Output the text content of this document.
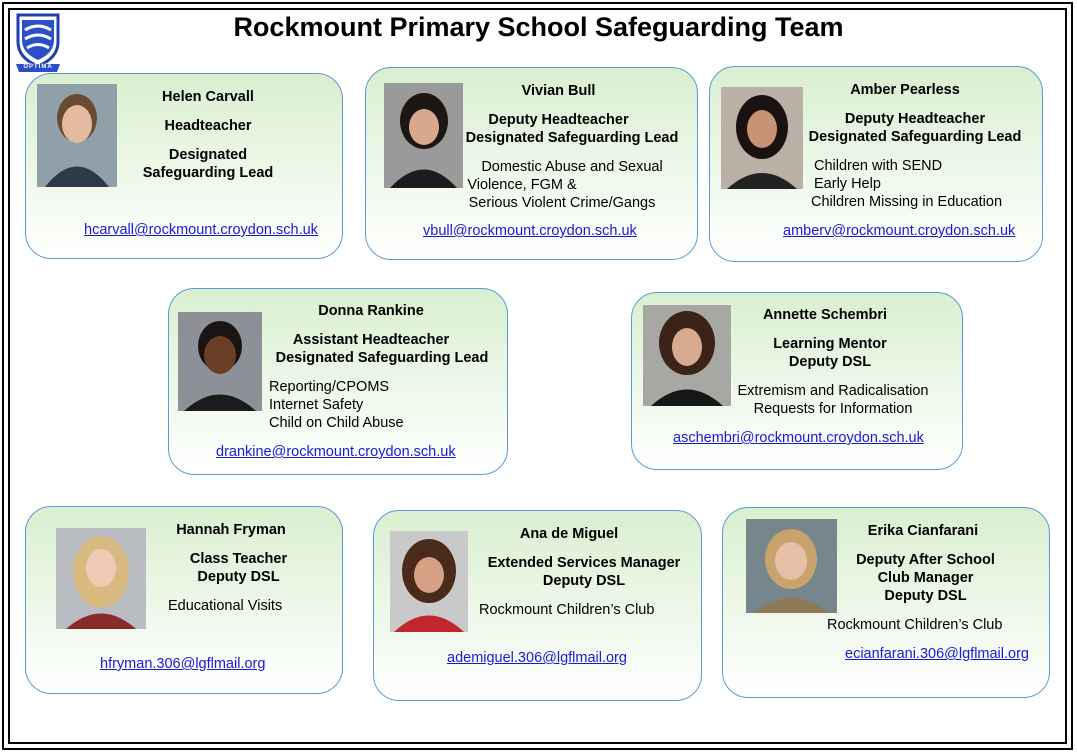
OPTIMA
Rockmount Primary School Safeguarding Team
Helen Carvall
Headteacher
Designated
Safeguarding Lead
hcarvall@rockmount.croydon.sch.uk
Vivian Bull
Deputy Headteacher
Designated Safeguarding Lead
Domestic Abuse and Sexual
Violence, FGM &
Serious Violent Crime/Gangs
vbull@rockmount.croydon.sch.uk
Amber Pearless
Deputy Headteacher
Designated Safeguarding Lead
Children with SEND
Early Help
Children Missing in Education
amberv@rockmount.croydon.sch.uk
Donna Rankine
Assistant Headteacher
Designated Safeguarding Lead
Reporting/CPOMS
Internet Safety
Child on Child Abuse
drankine@rockmount.croydon.sch.uk
Annette Schembri
Learning Mentor
Deputy DSL
Extremism and Radicalisation
Requests for Information
aschembri@rockmount.croydon.sch.uk
Hannah Fryman
Class Teacher
Deputy DSL
Educational Visits
hfryman.306@lgflmail.org
Ana de Miguel
Extended Services Manager
Deputy DSL
Rockmount Children’s Club
ademiguel.306@lgflmail.org
Erika Cianfarani
Deputy After School
Club Manager
Deputy DSL
Rockmount Children’s Club
ecianfarani.306@lgflmail.org
